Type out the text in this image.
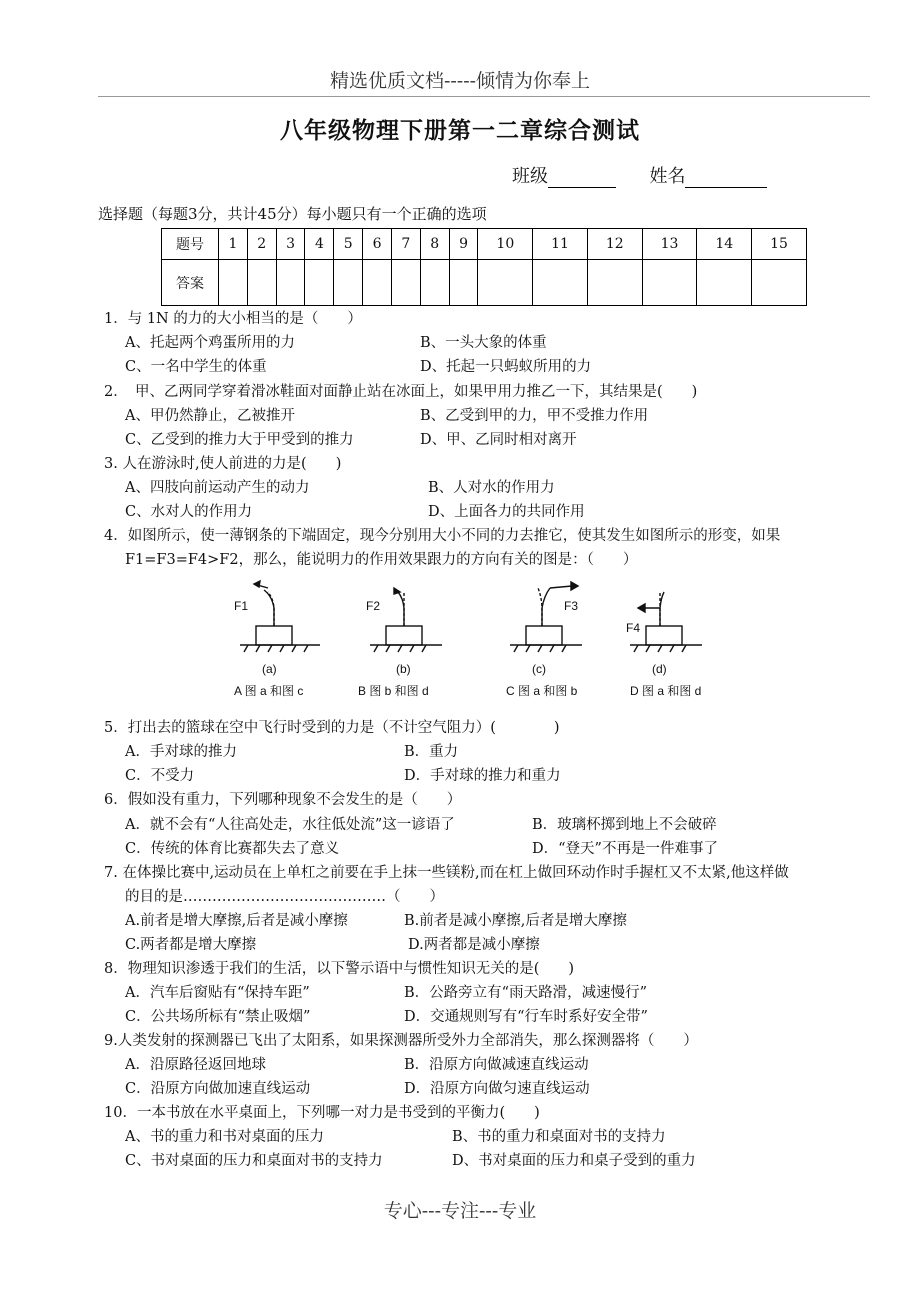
精选优质文档-----倾情为你奉上
八年级物理下册第一二章综合测试
班级	姓名
选择题（每题3分，共计45分）每小题只有一个正确的选项
题号	1	2	3	4	5	6	7	8	9	10	11	12	13	14	15
答案															
1．与 1N 的力的大小相当的是（　　）
A、托起两个鸡蛋所用的力	B、一头大象的体重
C、一名中学生的体重	D、托起一只蚂蚁所用的力
2．　甲、乙两同学穿着滑冰鞋面对面静止站在冰面上，如果甲用力推乙一下，其结果是(　　)
A、甲仍然静止，乙被推开	B、乙受到甲的力，甲不受推力作用
C、乙受到的推力大于甲受到的推力	D、甲、乙同时相对离开
3. 人在游泳时,使人前进的力是(　　)
A、四肢向前运动产生的动力	B、人对水的作用力
C、水对人的作用力	D、上面各力的共同作用
4．如图所示，使一薄钢条的下端固定，现今分别用大小不同的力去推它，使其发生如图所示的形变，如果
F1=F3=F4>F2，那么，能说明力的作用效果跟力的方向有关的图是：（　　）
F1	F2	F3
F4
(a)	(b)	(c)	(d)
A 图 a 和图 c	B 图 b 和图 d	C 图 a 和图 b	D 图 a 和图 d
5．打出去的篮球在空中飞行时受到的力是（不计空气阻力）(　　　　)
A．手对球的推力	B．重力
C．不受力	D．手对球的推力和重力
6．假如没有重力，下列哪种现象不会发生的是（　　）
A．就不会有“人往高处走，水往低处流”这一谚语了	B．玻璃杯掷到地上不会破碎
C．传统的体育比赛都失去了意义	D．“登天”不再是一件难事了
7. 在体操比赛中,运动员在上单杠之前要在手上抹一些镁粉,而在杠上做回环动作时手握杠又不太紧,他这样做
的目的是……………………………………（　　）
A.前者是增大摩擦,后者是减小摩擦	B.前者是减小摩擦,后者是增大摩擦
C.两者都是增大摩擦	D.两者都是减小摩擦
8．物理知识渗透于我们的生活，以下警示语中与惯性知识无关的是(　　)
A．汽车后窗贴有“保持车距”	B．公路旁立有“雨天路滑，减速慢行”
C．公共场所标有“禁止吸烟”	D．交通规则写有“行车时系好安全带”
9.人类发射的探测器已飞出了太阳系，如果探测器所受外力全部消失，那么探测器将（　　）
A．沿原路径返回地球	B．沿原方向做减速直线运动
C．沿原方向做加速直线运动	D．沿原方向做匀速直线运动
10．一本书放在水平桌面上，下列哪一对力是书受到的平衡力(　　)
A、书的重力和书对桌面的压力	B、书的重力和桌面对书的支持力
C、书对桌面的压力和桌面对书的支持力	D、书对桌面的压力和桌子受到的重力
专心---专注---专业
